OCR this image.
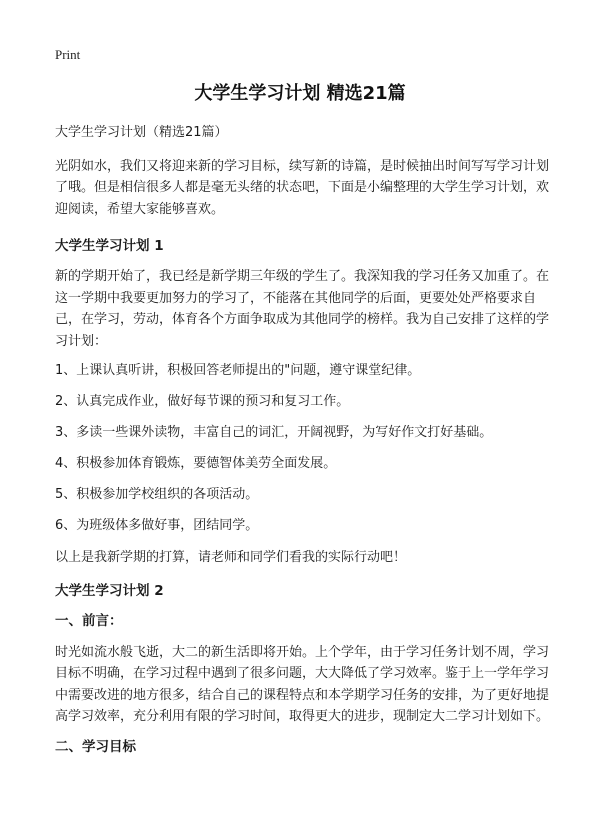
Print
大学生学习计划 精选21篇

大学生学习计划（精选21篇）

光阴如水，我们又将迎来新的学习目标，续写新的诗篇，是时候抽出时间写写学习计划了哦。但是相信很多人都是毫无头绪的状态吧，下面是小编整理的大学生学习计划，欢迎阅读，希望大家能够喜欢。

大学生学习计划 1

新的学期开始了，我已经是新学期三年级的学生了。我深知我的学习任务又加重了。在这一学期中我要更加努力的学习了，不能落在其他同学的后面，更要处处严格要求自己，在学习，劳动，体育各个方面争取成为其他同学的榜样。我为自己安排了这样的学习计划：

1、上课认真听讲，积极回答老师提出的"问题，遵守课堂纪律。
2、认真完成作业，做好每节课的预习和复习工作。
3、多读一些课外读物，丰富自己的词汇，开阔视野，为写好作文打好基础。
4、积极参加体育锻炼，要德智体美劳全面发展。
5、积极参加学校组织的各项活动。
6、为班级体多做好事，团结同学。

以上是我新学期的打算，请老师和同学们看我的实际行动吧！

大学生学习计划 2
一、前言：

时光如流水般飞逝，大二的新生活即将开始。上个学年，由于学习任务计划不周，学习目标不明确，在学习过程中遇到了很多问题，大大降低了学习效率。鉴于上一学年学习中需要改进的地方很多，结合自己的课程特点和本学期学习任务的安排，为了更好地提高学习效率，充分利用有限的学习时间，取得更大的进步，现制定大二学习计划如下。

二、学习目标
